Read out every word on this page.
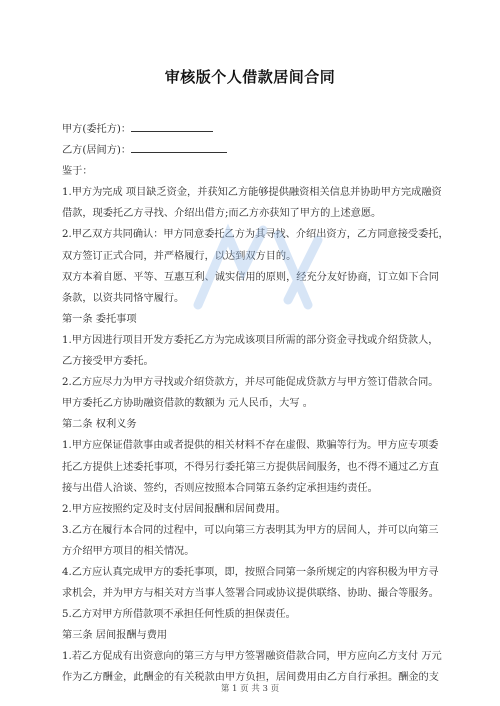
审核版个人借款居间合同
甲方(委托方)：
乙方(居间方)：
鉴于：
1.甲方为完成 项目缺乏资金，并获知乙方能够提供融资相关信息并协助甲方完成融资
借款，现委托乙方寻找、介绍出借方;而乙方亦获知了甲方的上述意愿。
2.甲乙双方共同确认：甲方同意委托乙方为其寻找、介绍出资方，乙方同意接受委托，
双方签订正式合同，并严格履行，以达到双方目的。
双方本着自愿、平等、互惠互利、诚实信用的原则，经充分友好协商，订立如下合同
条款，以资共同恪守履行。
第一条 委托事项
1.甲方因进行项目开发方委托乙方为完成该项目所需的部分资金寻找或介绍贷款人，
乙方接受甲方委托。
2.乙方应尽力为甲方寻找或介绍贷款方，并尽可能促成贷款方与甲方签订借款合同。
甲方委托乙方协助融资借款的数额为 元人民币，大写 。
第二条 权利义务
1.甲方应保证借款事由或者提供的相关材料不存在虚假、欺骗等行为。甲方应专项委
托乙方提供上述委托事项，不得另行委托第三方提供居间服务，也不得不通过乙方直
接与出借人洽谈、签约，否则应按照本合同第五条约定承担违约责任。
2.甲方应按照约定及时支付居间报酬和居间费用。
3.乙方在履行本合同的过程中，可以向第三方表明其为甲方的居间人，并可以向第三
方介绍甲方项目的相关情况。
4.乙方应认真完成甲方的委托事项，即，按照合同第一条所规定的内容积极为甲方寻
求机会，并为甲方与相关对方当事人签署合同或协议提供联络、协助、撮合等服务。
5.乙方对甲方所借款项不承担任何性质的担保责任。
第三条 居间报酬与费用
1.若乙方促成有出资意向的第三方与甲方签署融资借款合同，甲方应向乙方支付 万元
作为乙方酬金，此酬金的有关税款由甲方负担，居间费用由乙方自行承担。酬金的支
第 1 页 共 3 页
